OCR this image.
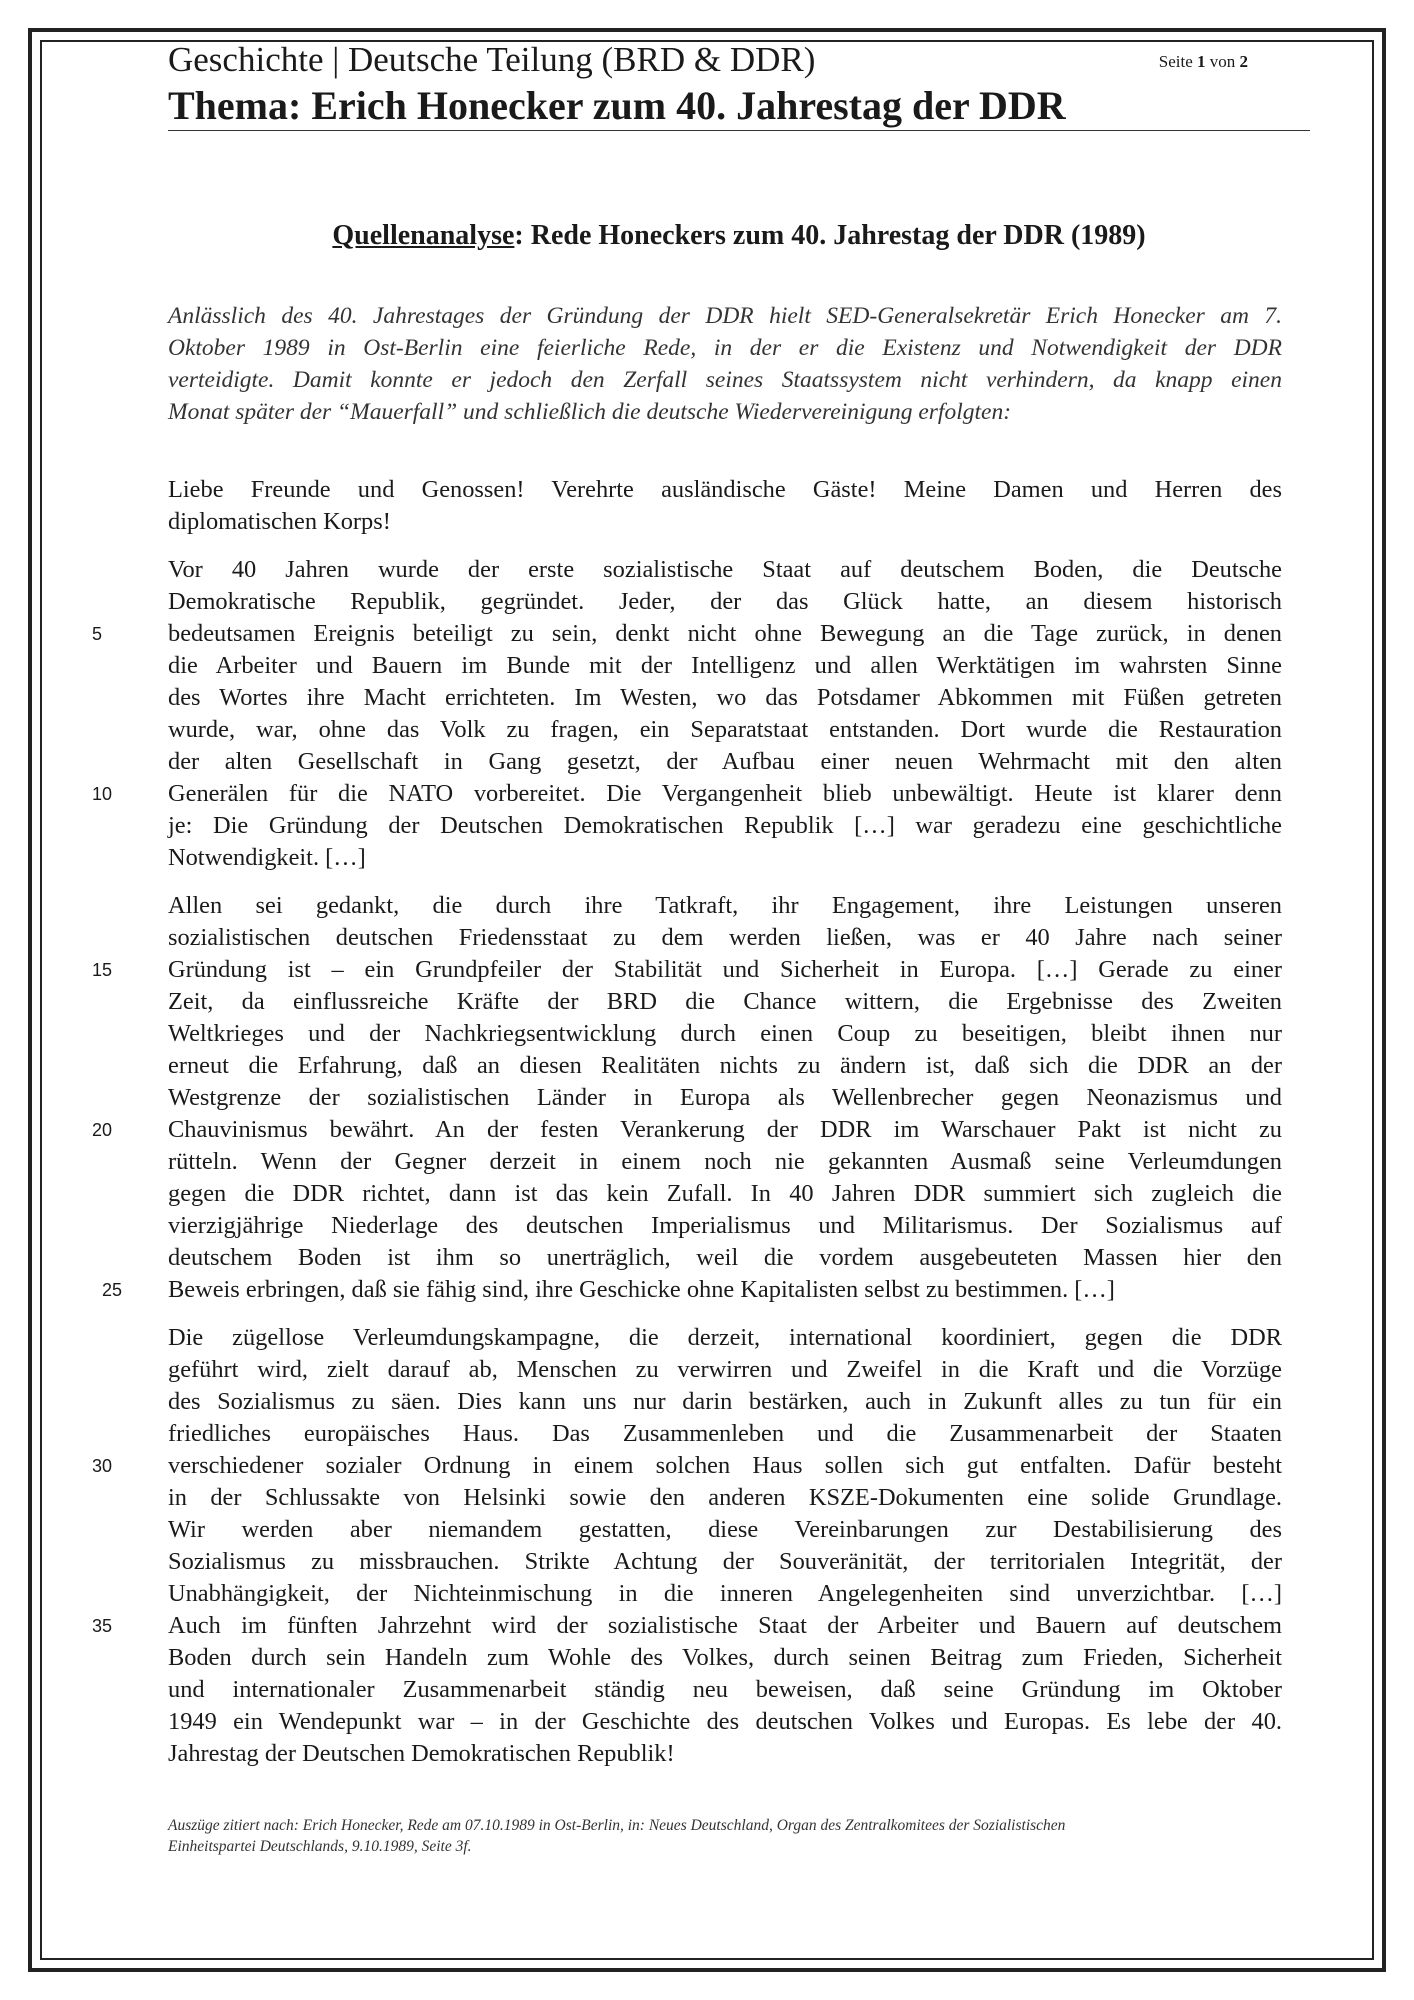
Geschichte | Deutsche Teilung (BRD & DDR)	Seite 1 von 2
Thema: Erich Honecker zum 40. Jahrestag der DDR
Quellenanalyse: Rede Honeckers zum 40. Jahrestag der DDR (1989)
Anlässlich des 40. Jahrestages der Gründung der DDR hielt SED-Generalsekretär Erich Honecker am 7.
Oktober 1989 in Ost-Berlin eine feierliche Rede, in der er die Existenz und Notwendigkeit der DDR
verteidigte. Damit konnte er jedoch den Zerfall seines Staatssystem nicht verhindern, da knapp einen
Monat später der “Mauerfall” und schließlich die deutsche Wiedervereinigung erfolgten:
Liebe Freunde und Genossen! Verehrte ausländische Gäste! Meine Damen und Herren des
diplomatischen Korps!
Vor 40 Jahren wurde der erste sozialistische Staat auf deutschem Boden, die Deutsche
Demokratische Republik, gegründet. Jeder, der das Glück hatte, an diesem historisch
5	bedeutsamen Ereignis beteiligt zu sein, denkt nicht ohne Bewegung an die Tage zurück, in denen
die Arbeiter und Bauern im Bunde mit der Intelligenz und allen Werktätigen im wahrsten Sinne
des Wortes ihre Macht errichteten. Im Westen, wo das Potsdamer Abkommen mit Füßen getreten
wurde, war, ohne das Volk zu fragen, ein Separatstaat entstanden. Dort wurde die Restauration
der alten Gesellschaft in Gang gesetzt, der Aufbau einer neuen Wehrmacht mit den alten
10	Generälen für die NATO vorbereitet. Die Vergangenheit blieb unbewältigt. Heute ist klarer denn
je: Die Gründung der Deutschen Demokratischen Republik […] war geradezu eine geschichtliche
Notwendigkeit. […]
Allen sei gedankt, die durch ihre Tatkraft, ihr Engagement, ihre Leistungen unseren
sozialistischen deutschen Friedensstaat zu dem werden ließen, was er 40 Jahre nach seiner
15	Gründung ist – ein Grundpfeiler der Stabilität und Sicherheit in Europa. […] Gerade zu einer
Zeit, da einflussreiche Kräfte der BRD die Chance wittern, die Ergebnisse des Zweiten
Weltkrieges und der Nachkriegsentwicklung durch einen Coup zu beseitigen, bleibt ihnen nur
erneut die Erfahrung, daß an diesen Realitäten nichts zu ändern ist, daß sich die DDR an der
Westgrenze der sozialistischen Länder in Europa als Wellenbrecher gegen Neonazismus und
20	Chauvinismus bewährt. An der festen Verankerung der DDR im Warschauer Pakt ist nicht zu
rütteln. Wenn der Gegner derzeit in einem noch nie gekannten Ausmaß seine Verleumdungen
gegen die DDR richtet, dann ist das kein Zufall. In 40 Jahren DDR summiert sich zugleich die
vierzigjährige Niederlage des deutschen Imperialismus und Militarismus. Der Sozialismus auf
deutschem Boden ist ihm so unerträglich, weil die vordem ausgebeuteten Massen hier den
25	Beweis erbringen, daß sie fähig sind, ihre Geschicke ohne Kapitalisten selbst zu bestimmen. […]
Die zügellose Verleumdungskampagne, die derzeit, international koordiniert, gegen die DDR
geführt wird, zielt darauf ab, Menschen zu verwirren und Zweifel in die Kraft und die Vorzüge
des Sozialismus zu säen. Dies kann uns nur darin bestärken, auch in Zukunft alles zu tun für ein
friedliches europäisches Haus. Das Zusammenleben und die Zusammenarbeit der Staaten
30	verschiedener sozialer Ordnung in einem solchen Haus sollen sich gut entfalten. Dafür besteht
in der Schlussakte von Helsinki sowie den anderen KSZE-Dokumenten eine solide Grundlage.
Wir werden aber niemandem gestatten, diese Vereinbarungen zur Destabilisierung des
Sozialismus zu missbrauchen. Strikte Achtung der Souveränität, der territorialen Integrität, der
Unabhängigkeit, der Nichteinmischung in die inneren Angelegenheiten sind unverzichtbar. […]
35	Auch im fünften Jahrzehnt wird der sozialistische Staat der Arbeiter und Bauern auf deutschem
Boden durch sein Handeln zum Wohle des Volkes, durch seinen Beitrag zum Frieden, Sicherheit
und internationaler Zusammenarbeit ständig neu beweisen, daß seine Gründung im Oktober
1949 ein Wendepunkt war – in der Geschichte des deutschen Volkes und Europas. Es lebe der 40.
Jahrestag der Deutschen Demokratischen Republik!
Auszüge zitiert nach: Erich Honecker, Rede am 07.10.1989 in Ost-Berlin, in: Neues Deutschland, Organ des Zentralkomitees der Sozialistischen
Einheitspartei Deutschlands, 9.10.1989, Seite 3f.
